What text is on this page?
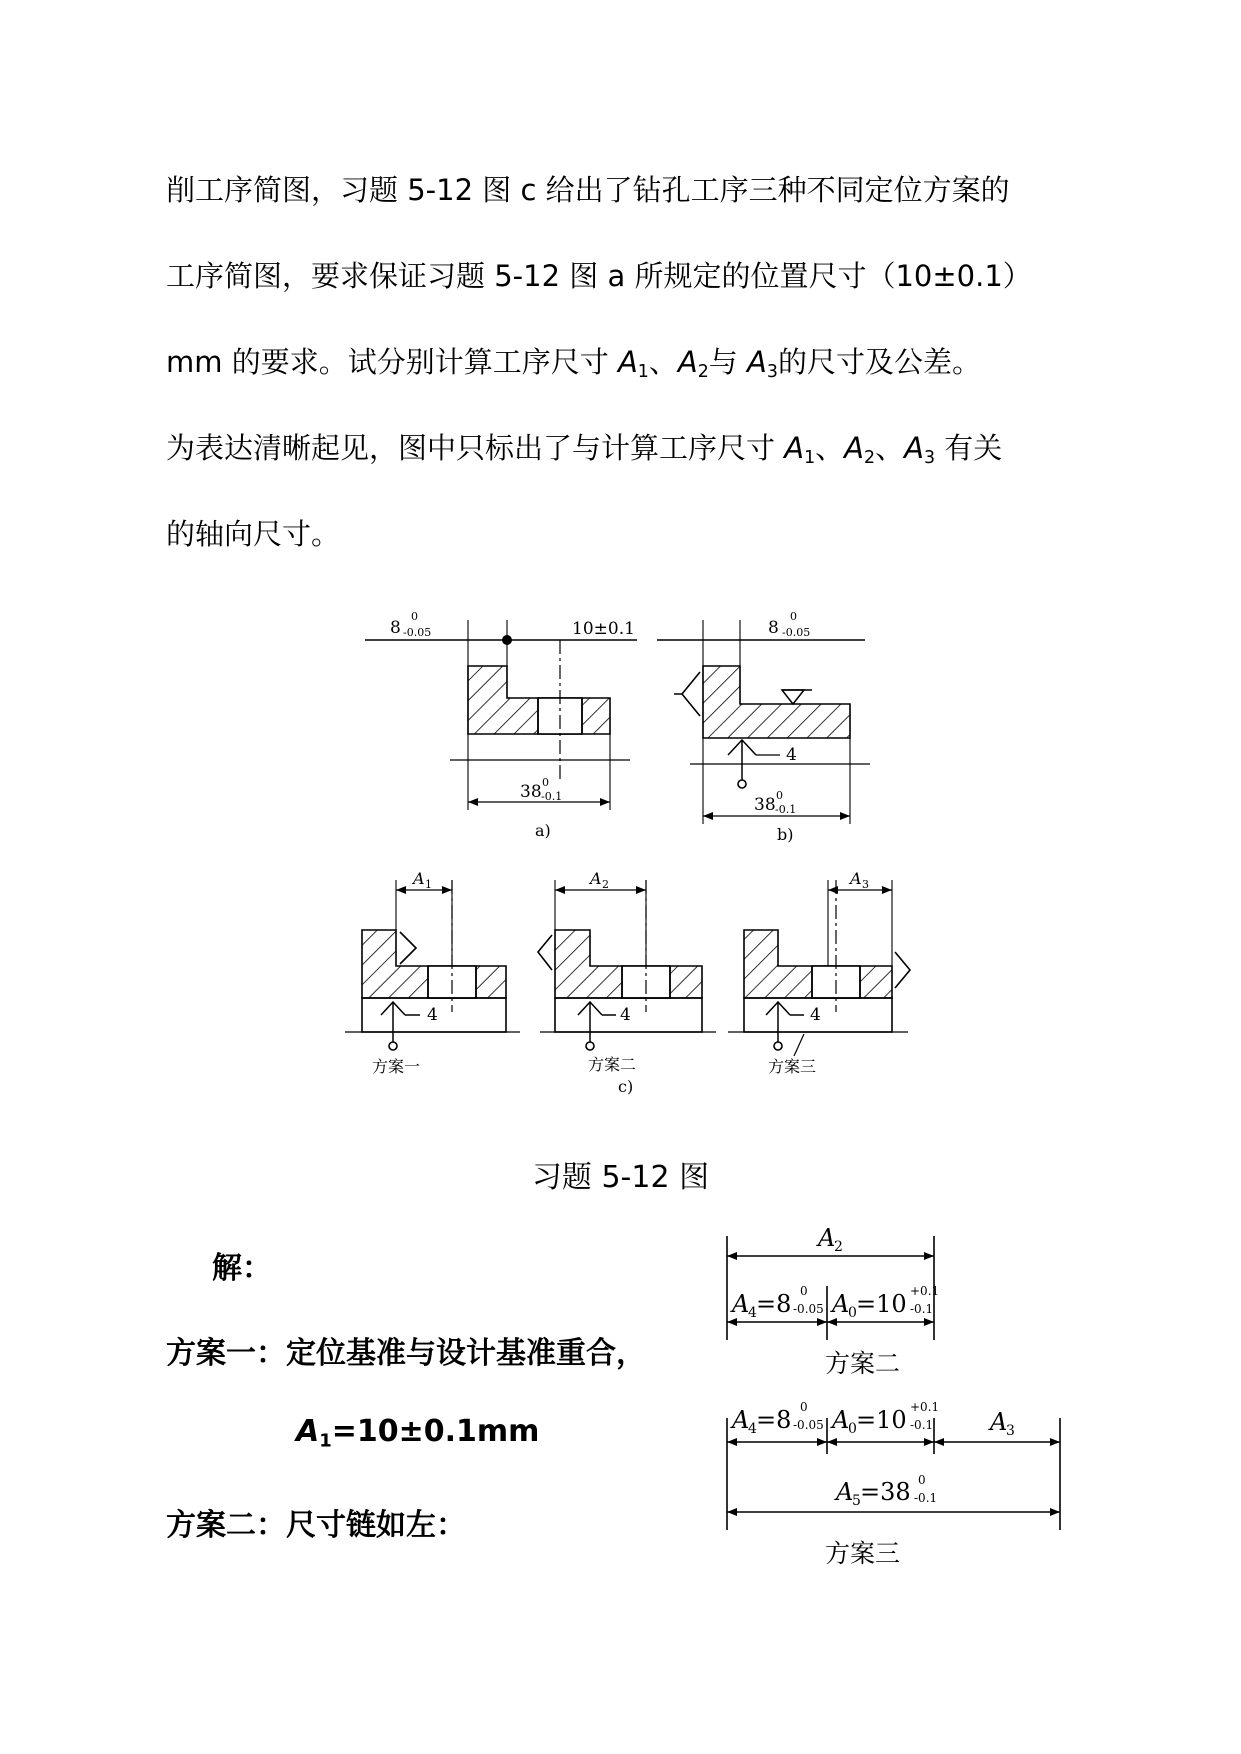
削工序简图，习题 5-12 图 c 给出了钻孔工序三种不同定位方案的
工序简图，要求保证习题 5-12 图 a 所规定的位置尺寸（10±0.1）
mm 的要求。试分别计算工序尺寸 $A_1$、$A_2$与 $A_3$的尺寸及公差。
为表达清晰起见，图中只标出了与计算工序尺寸 $A_1$、$A_2$、$A_3$ 有关
的轴向尺寸。
8
0
-0.05	10±0.1
38 0
-0.1
a)
4
8
0
-0.05
38 0
-0.1
b)
A 1
4
方案一
A 2
4
方案二
c)
A 3
4
方案三
A
2
A
4 =8 0
-0.05 A
0 =10 +0.1
-0.1
方案二
A
4 =8 0
-0.05 A
0 =10 +0.1
-0.1 A
3
A
5 =38 0
-0.1
方案三
习题 5-12 图
解：
方案一：定位基准与设计基准重合，
$A_1=10\pm 0.1mm$
方案二：尺寸链如左：
